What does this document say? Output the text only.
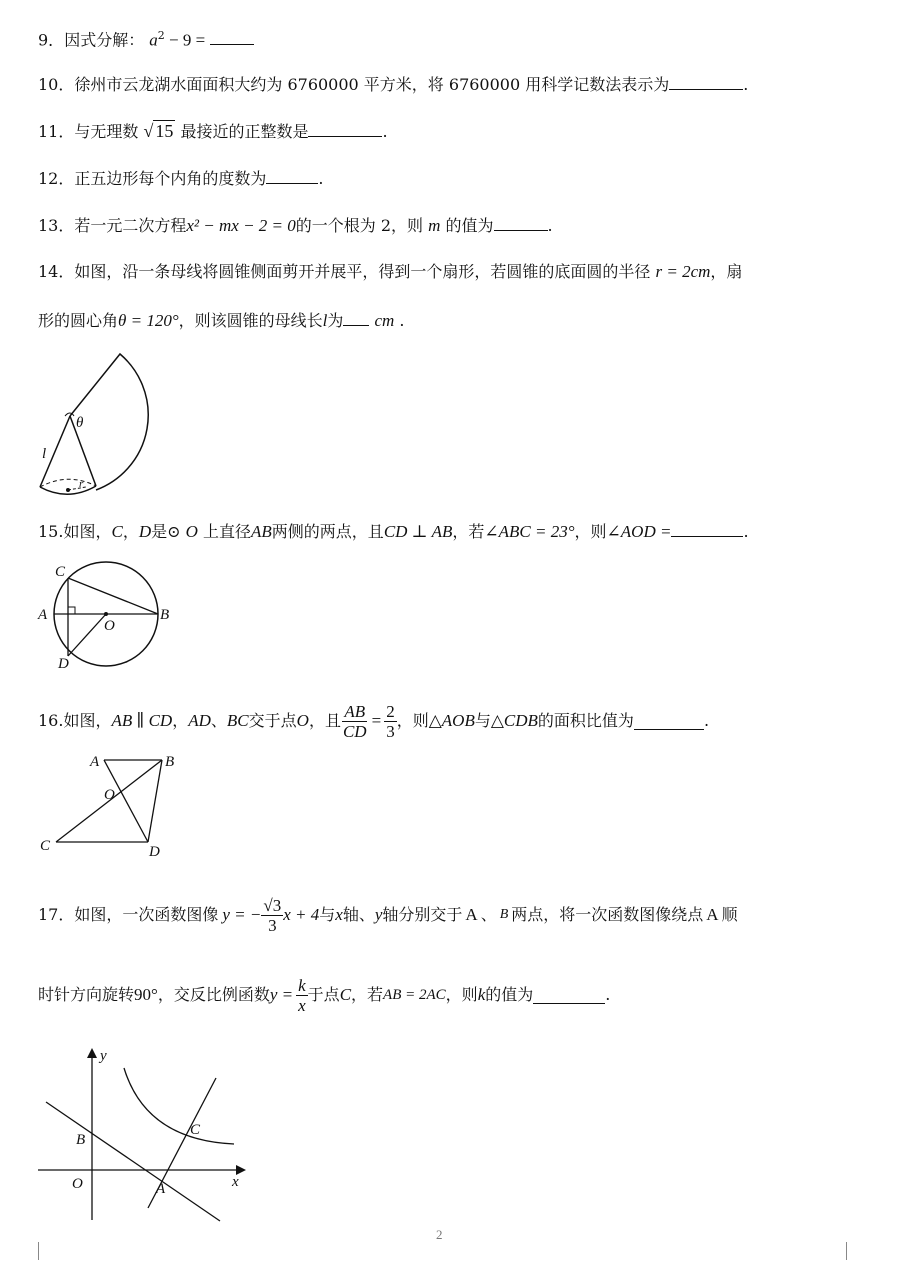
9．因式分解： $a^2 - 9$ =
10．徐州市云龙湖水面面积大约为 6760000 平方米，将 6760000 用科学记数法表示为	.
11．与无理数 √ 15 最接近的正整数是	.
12．正五边形每个内角的度数为	.
13．若一元二次方程x² − mx − 2 = 0的一个根为 2，则 m 的值为	.
14．如图，沿一条母线将圆锥侧面剪开并展平，得到一个扇形，若圆锥的底面圆的半径 r = 2cm，扇
形的圆心角θ = 120°，则该圆锥的母线长l为 cm .
θ
l
r
15.如图，C，D是⊙ O 上直径AB两侧的两点，且CD ⊥ AB，若∠ABC = 23°，则∠AOD =	.
C
A
O
B
D
16. 如图， AB ∥ CD ， AD 、 BC 交于点 O ，且 $\frac{AB}{CD} = \frac{2}{3}$ ，则 △AOB 与 △CDB 的面积比值为	.
A	B
O
C	D
17． 如图，一次函数图像 y = − $\frac{√3}{3}$ x + 4 与 x 轴、 y 轴分别交于 A 、 B 两点，将一次函数图像绕点 A 顺
时针方向旋转 90° ，交反比例函数 $y = \frac{k}{x}$ 于点 C ，若 AB = 2AC ，则 k 的值为	.
y
x
B
C
O	A
2
